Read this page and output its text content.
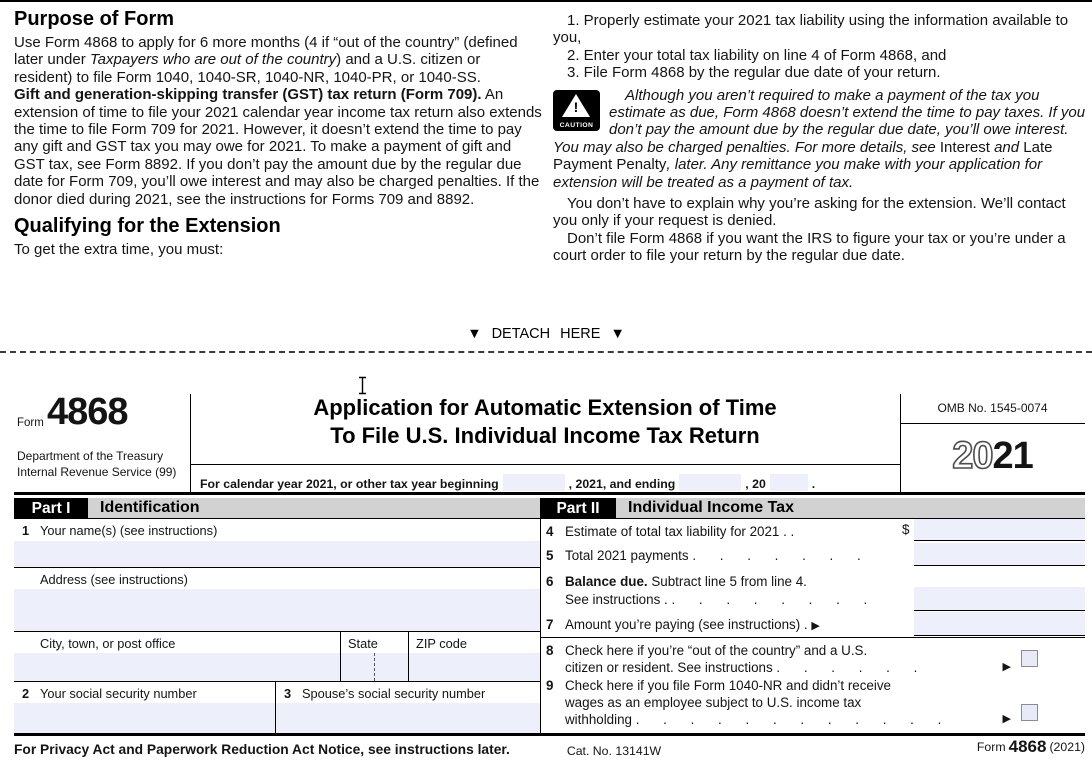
Purpose of Form

Use Form 4868 to apply for 6 more months (4 if “out of the country” (defined later under Taxpayers who are out of the country) and a U.S. citizen or resident) to file Form 1040, 1040-SR, 1040-NR, 1040-PR, or 1040-SS.

Gift and generation-skipping transfer (GST) tax return (Form 709). An extension of time to file your 2021 calendar year income tax return also extends the time to file Form 709 for 2021. However, it doesn’t extend the time to pay any gift and GST tax you may owe for 2021. To make a payment of gift and GST tax, see Form 8892. If you don’t pay the amount due by the regular due date for Form 709, you’ll owe interest and may also be charged penalties. If the donor died during 2021, see the instructions for Forms 709 and 8892.

Qualifying for the Extension

To get the extra time, you must:

1. Properly estimate your 2021 tax liability using the information available to you,

2. Enter your total tax liability on line 4 of Form 4868, and

3. File Form 4868 by the regular due date of your return.

!
CAUTION

Although you aren’t required to make a payment of the tax you estimate as due, Form 4868 doesn’t extend the time to pay taxes. If you don’t pay the amount due by the regular due date, you’ll owe interest. You may also be charged penalties. For more details, see Interest and Late Payment Penalty, later. Any remittance you make with your application for extension will be treated as a payment of tax.

You don’t have to explain why you’re asking for the extension. We’ll contact you only if your request is denied.

Don’t file Form 4868 if you want the IRS to figure your tax or you’re under a court order to file your return by the regular due date.

▼ DETACH HERE ▼
Form 4868
Department of the Treasury
Internal Revenue Service (99)
Application for Automatic Extension of Time
To File U.S. Individual Income Tax Return
For calendar year 2021, or other tax year beginning	, 2021, and ending	, 20	.
OMB No. 1545-0074
2021
Part I	Identification	Part II	Individual Income Tax
1 Your name(s) (see instructions)
Address (see instructions)
City, town, or post office	State	ZIP code
2 Your social security number	3 Spouse’s social security number
4 Estimate of total tax liability for 2021 . .	$
5 Total 2021 payments . . . . . . .
6 Balance due. Subtract line 5 from line 4.
See instructions . . . . . . . . .
7 Amount you’re paying (see instructions) . ▶
8 Check here if you’re “out of the country” and a U.S.
citizen or resident. See instructions . . . . . .	▶
9 Check here if you file Form 1040-NR and didn’t receive
wages as an employee subject to U.S. income tax
withholding . . . . . . . . . . . .	▶
For Privacy Act and Paperwork Reduction Act Notice, see instructions later.	Cat. No. 13141W	Form 4868 (2021)
